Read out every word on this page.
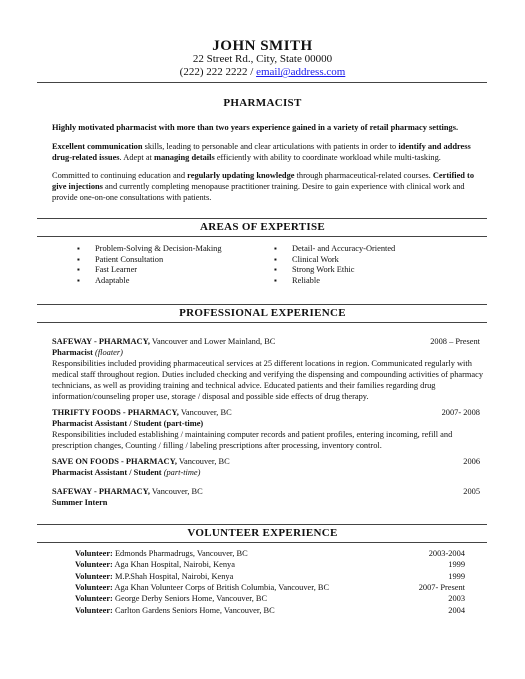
JOHN SMITH
22 Street Rd., City, State 00000
(222) 222 2222 / email@address.com
PHARMACIST
Highly motivated pharmacist with more than two years experience gained in a variety of retail pharmacy settings.
Excellent communication skills, leading to personable and clear articulations with patients in order to identify and address drug-related issues. Adept at managing details efficiently with ability to coordinate workload while multi-tasking.
Committed to continuing education and regularly updating knowledge through pharmaceutical-related courses. Certified to give injections and currently completing menopause practitioner training. Desire to gain experience with clinical work and provide one-on-one consultations with patients.
AREAS OF EXPERTISE
▪ Problem-Solving & Decision-Making
▪ Patient Consultation
▪ Fast Learner
▪ Adaptable
▪ Detail- and Accuracy-Oriented
▪ Clinical Work
▪ Strong Work Ethic
▪ Reliable
PROFESSIONAL EXPERIENCE
SAFEWAY - PHARMACY, Vancouver and Lower Mainland, BC	2008 – Present
Pharmacist (floater)
Responsibilities included providing pharmaceutical services at 25 different locations in region. Communicated regularly with medical staff throughout region. Duties included checking and verifying the dispensing and compounding activities of pharmacy technicians, as well as providing training and technical advice. Educated patients and their families regarding drug information/counseling proper use, storage / disposal and possible side effects of drug therapy.
THRIFTY FOODS - PHARMACY, Vancouver, BC	2007- 2008
Pharmacist Assistant / Student (part-time)
Responsibilities included establishing / maintaining computer records and patient profiles, entering incoming, refill and prescription changes, Counting / filling / labeling prescriptions after processing, inventory control.
SAVE ON FOODS - PHARMACY, Vancouver, BC	2006
Pharmacist Assistant / Student (part-time)
SAFEWAY - PHARMACY, Vancouver, BC	2005
Summer Intern
VOLUNTEER EXPERIENCE
Volunteer: Edmonds Pharmadrugs, Vancouver, BC	2003-2004
Volunteer: Aga Khan Hospital, Nairobi, Kenya	1999
Volunteer: M.P.Shah Hospital, Nairobi, Kenya	1999
Volunteer: Aga Khan Volunteer Corps of British Columbia, Vancouver, BC	2007- Present
Volunteer: George Derby Seniors Home, Vancouver, BC	2003
Volunteer: Carlton Gardens Seniors Home, Vancouver, BC	2004
